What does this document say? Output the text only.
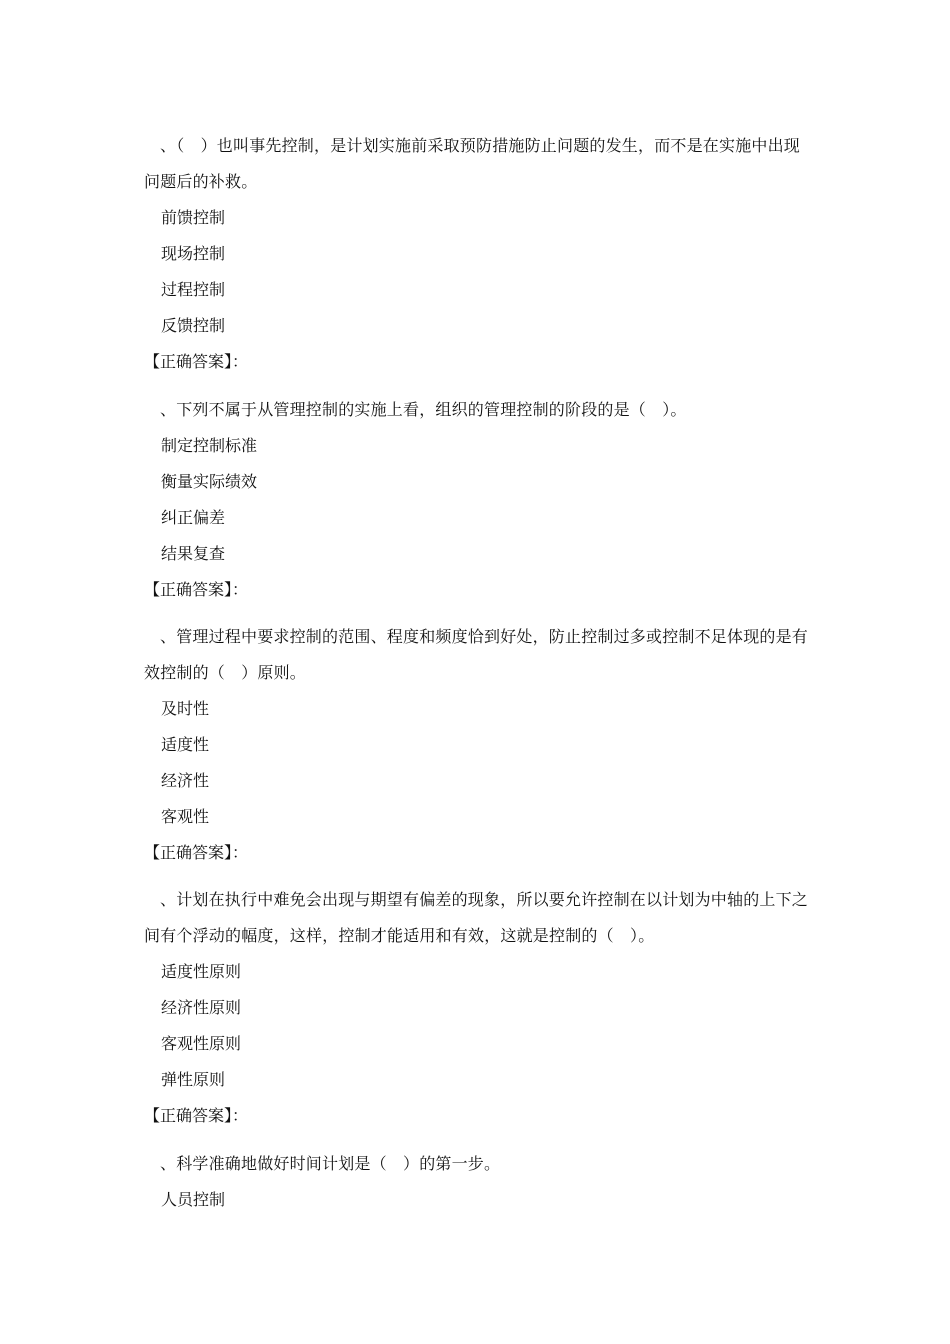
、（　）也叫事先控制，是计划实施前采取预防措施防止问题的发生，而不是在实施中出现问题后的补救。

前馈控制
现场控制
过程控制
反馈控制

【正确答案】：

、下列不属于从管理控制的实施上看，组织的管理控制的阶段的是（　）。

制定控制标准
衡量实际绩效
纠正偏差
结果复查

【正确答案】：

、管理过程中要求控制的范围、程度和频度恰到好处，防止控制过多或控制不足体现的是有效控制的（　）原则。

及时性
适度性
经济性
客观性

【正确答案】：

、计划在执行中难免会出现与期望有偏差的现象，所以要允许控制在以计划为中轴的上下之间有个浮动的幅度，这样，控制才能适用和有效，这就是控制的（　）。

适度性原则
经济性原则
客观性原则
弹性原则

【正确答案】：

、科学准确地做好时间计划是（　）的第一步。

人员控制
